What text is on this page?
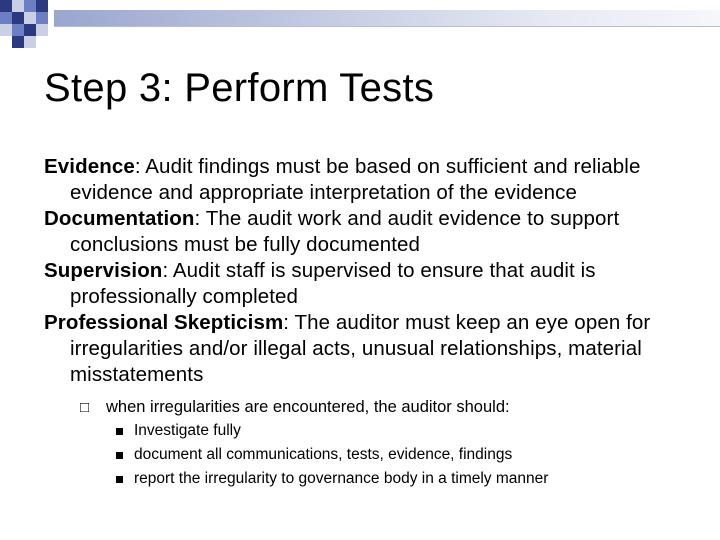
Step 3: Perform Tests

Evidence: Audit findings must be based on sufficient and reliable evidence and appropriate interpretation of the evidence

Documentation: The audit work and audit evidence to support conclusions must be fully documented

Supervision: Audit staff is supervised to ensure that audit is professionally completed

Professional Skepticism: The auditor must keep an eye open for irregularities and/or illegal acts, unusual relationships, material misstatements

□ when irregularities are encountered, the auditor should:
Investigate fully
document all communications, tests, evidence, findings
report the irregularity to governance body in a timely manner
